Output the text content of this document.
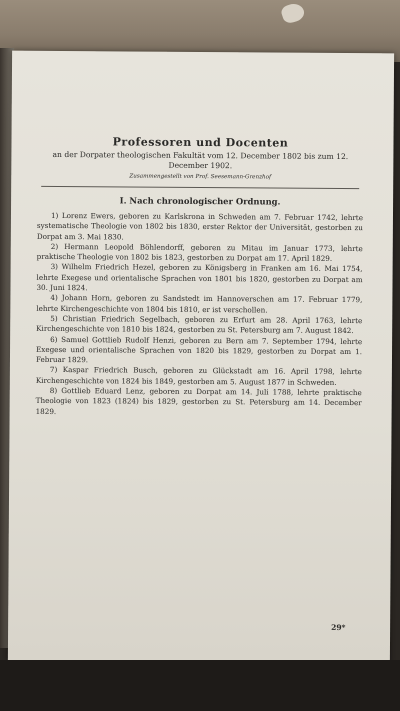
Professoren und Docenten
an der Dorpater theologischen Fakultät vom 12. December 1802 bis zum 12. December 1902.
Zusammengestellt von Prof. Seesemann-Grenzhof
I. Nach chronologischer Ordnung.

1) Lorenz Ewers, geboren zu Karlskrona in Schweden am 7. Februar 1742, lehrte systematische Theologie von 1802 bis 1830, erster Rektor der Universität, gestorben zu Dorpat am 3. Mai 1830.

2) Hermann Leopold Böhlendorff, geboren zu Mitau im Januar 1773, lehrte praktische Theologie von 1802 bis 1823, gestorben zu Dorpat am 17. April 1829.

3) Wilhelm Friedrich Hezel, geboren zu Königsberg in Franken am 16. Mai 1754, lehrte Exegese und orientalische Sprachen von 1801 bis 1820, gestorben zu Dorpat am 30. Juni 1824.

4) Johann Horn, geboren zu Sandstedt im Hannoverschen am 17. Februar 1779, lehrte Kirchengeschichte von 1804 bis 1810, er ist verschollen.

5) Christian Friedrich Segelbach, geboren zu Erfurt am 28. April 1763, lehrte Kirchengeschichte von 1810 bis 1824, gestorben zu St. Petersburg am 7. August 1842.

6) Samuel Gottlieb Rudolf Henzi, geboren zu Bern am 7. September 1794, lehrte Exegese und orientalische Sprachen von 1820 bis 1829, gestorben zu Dorpat am 1. Februar 1829.

7) Kaspar Friedrich Busch, geboren zu Glückstadt am 16. April 1798, lehrte Kirchengeschichte von 1824 bis 1849, gestorben am 5. August 1877 in Schweden.

8) Gottlieb Eduard Lenz, geboren zu Dorpat am 14. Juli 1788, lehrte praktische Theologie von 1823 (1824) bis 1829, gestorben zu St. Petersburg am 14. December 1829.

29*
